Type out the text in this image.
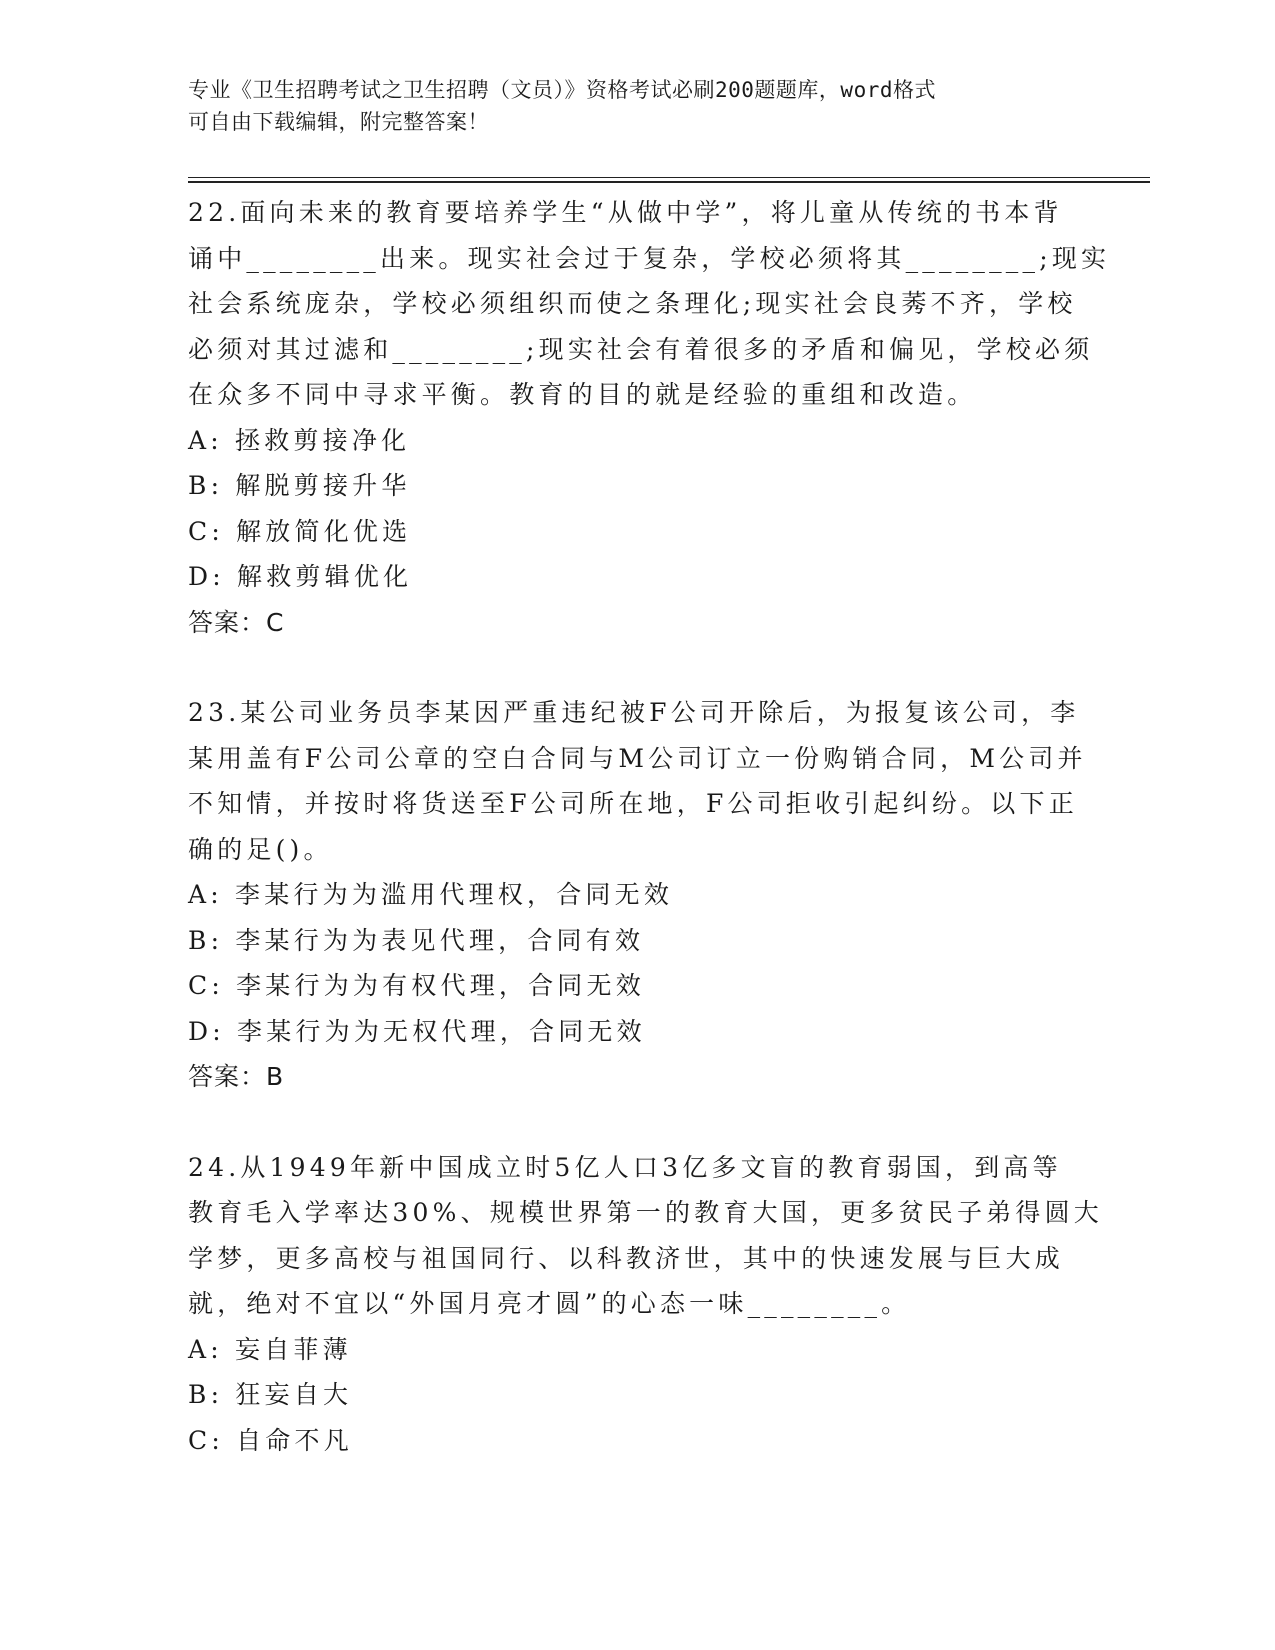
专业《卫生招聘考试之卫生招聘（文员）》资格考试必刷200题题库，word格式
可自由下载编辑，附完整答案！
22.面向未来的教育要培养学生“从做中学”，将儿童从传统的书本背
诵中________出来。现实社会过于复杂，学校必须将其________;现实
社会系统庞杂，学校必须组织而使之条理化;现实社会良莠不齐，学校
必须对其过滤和________;现实社会有着很多的矛盾和偏见，学校必须
在众多不同中寻求平衡。教育的目的就是经验的重组和改造。
A: 拯救剪接净化
B: 解脱剪接升华
C: 解放简化优选
D: 解救剪辑优化
答案：C
23.某公司业务员李某因严重违纪被F公司开除后，为报复该公司，李
某用盖有F公司公章的空白合同与M公司订立一份购销合同，M公司并
不知情，并按时将货送至F公司所在地，F公司拒收引起纠纷。以下正
确的足()。
A: 李某行为为滥用代理权，合同无效
B: 李某行为为表见代理，合同有效
C: 李某行为为有权代理，合同无效
D: 李某行为为无权代理，合同无效
答案：B
24.从1949年新中国成立时5亿人口3亿多文盲的教育弱国，到高等
教育毛入学率达30%、规模世界第一的教育大国，更多贫民子弟得圆大
学梦，更多高校与祖国同行、以科教济世，其中的快速发展与巨大成
就，绝对不宜以“外国月亮才圆”的心态一味________。
A: 妄自菲薄
B: 狂妄自大
C: 自命不凡
